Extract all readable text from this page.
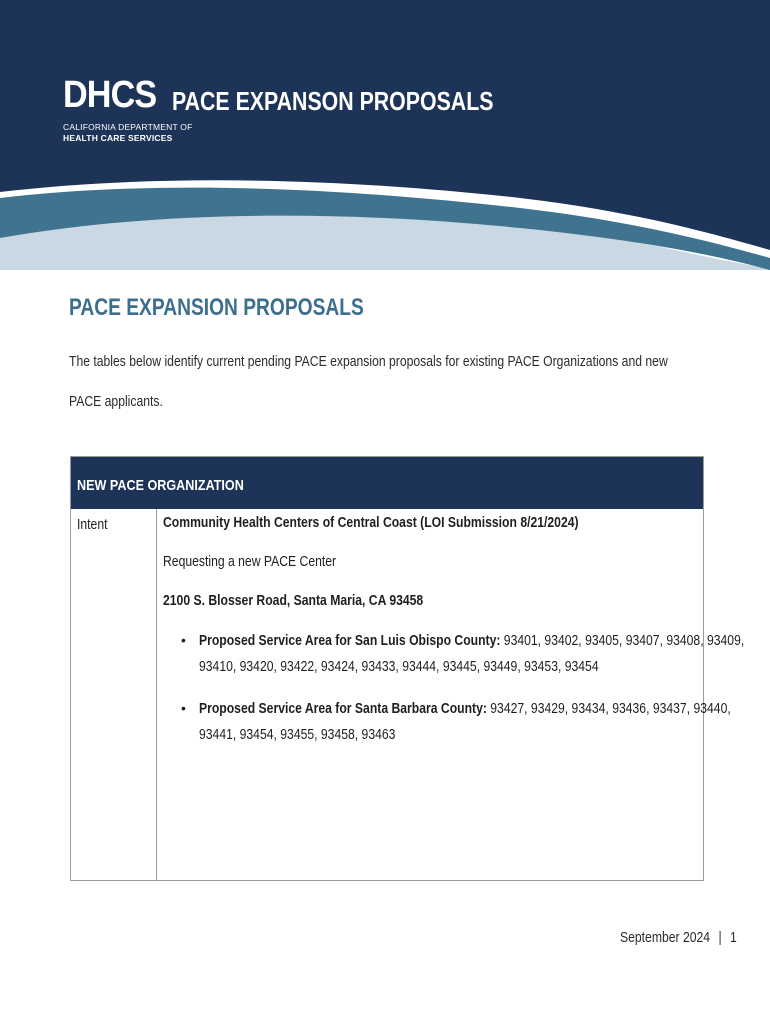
DHCS
CALIFORNIA DEPARTMENT OF
HEALTH CARE SERVICES
PACE EXPANSON PROPOSALS
PACE EXPANSION PROPOSALS
The tables below identify current pending PACE expansion proposals for existing PACE Organizations and new
PACE applicants.
NEW PACE ORGANIZATION
Intent	Community Health Centers of Central Coast (LOI Submission 8/21/2024)
Requesting a new PACE Center
2100 S. Blosser Road, Santa Maria, CA 93458
• Proposed Service Area for San Luis Obispo County: 93401, 93402, 93405, 93407, 93408, 93409,
93410, 93420, 93422, 93424, 93433, 93444, 93445, 93449, 93453, 93454
• Proposed Service Area for Santa Barbara County: 93427, 93429, 93434, 93436, 93437, 93440,
93441, 93454, 93455, 93458, 93463
September 2024 | 1
